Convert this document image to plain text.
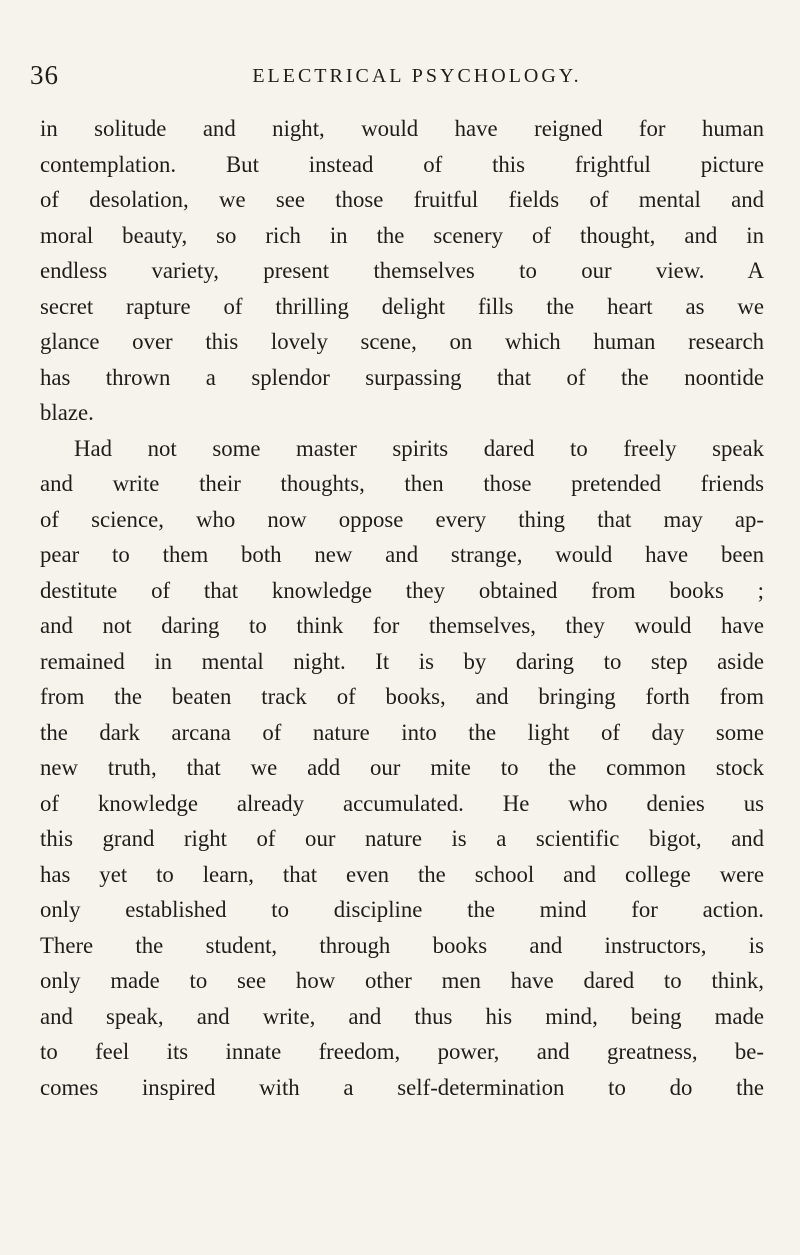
36	ELECTRICAL PSYCHOLOGY.

in solitude and night, would have reigned for human
contemplation. But instead of this frightful picture
of desolation, we see those fruitful fields of mental and
moral beauty, so rich in the scenery of thought, and in
endless variety, present themselves to our view. A
secret rapture of thrilling delight fills the heart as we
glance over this lovely scene, on which human research
has thrown a splendor surpassing that of the noontide
blaze.

Had not some master spirits dared to freely speak
and write their thoughts, then those pretended friends
of science, who now oppose every thing that may ap-
pear to them both new and strange, would have been
destitute of that knowledge they obtained from books ;
and not daring to think for themselves, they would have
remained in mental night. It is by daring to step aside
from the beaten track of books, and bringing forth from
the dark arcana of nature into the light of day some
new truth, that we add our mite to the common stock
of knowledge already accumulated. He who denies us
this grand right of our nature is a scientific bigot, and
has yet to learn, that even the school and college were
only established to discipline the mind for action.
There the student, through books and instructors, is
only made to see how other men have dared to think,
and speak, and write, and thus his mind, being made
to feel its innate freedom, power, and greatness, be-
comes inspired with a self-determination to do the
